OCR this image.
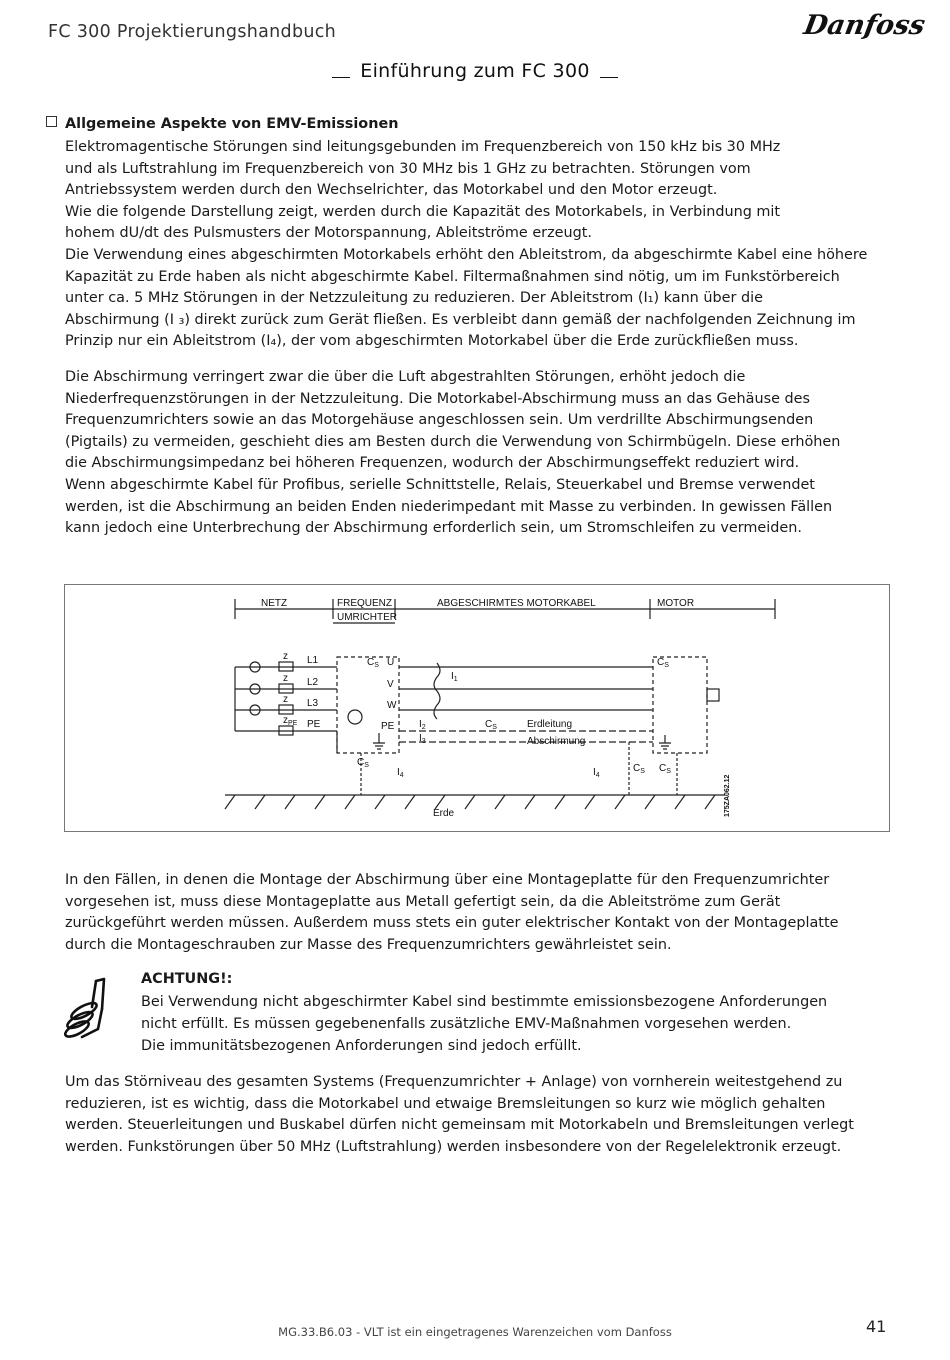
FC 300 Projektierungshandbuch	Danfoss
Einführung zum FC 300
Allgemeine Aspekte von EMV-Emissionen

Elektromagentische Störungen sind leitungsgebunden im Frequenzbereich von 150 kHz bis 30 MHz

und als Luftstrahlung im Frequenzbereich von 30 MHz bis 1 GHz zu betrachten. Störungen vom

Antriebssystem werden durch den Wechselrichter, das Motorkabel und den Motor erzeugt.

Wie die folgende Darstellung zeigt, werden durch die Kapazität des Motorkabels, in Verbindung mit

hohem dU/dt des Pulsmusters der Motorspannung, Ableitströme erzeugt.

Die Verwendung eines abgeschirmten Motorkabels erhöht den Ableitstrom, da abgeschirmte Kabel eine höhere

Kapazität zu Erde haben als nicht abgeschirmte Kabel. Filtermaßnahmen sind nötig, um im Funkstörbereich

unter ca. 5 MHz Störungen in der Netzzuleitung zu reduzieren. Der Ableitstrom (I₁) kann über die

Abschirmung (I ₃) direkt zurück zum Gerät fließen. Es verbleibt dann gemäß der nachfolgenden Zeichnung im

Prinzip nur ein Ableitstrom (I₄), der vom abgeschirmten Motorkabel über die Erde zurückfließen muss.

Die Abschirmung verringert zwar die über die Luft abgestrahlten Störungen, erhöht jedoch die

Niederfrequenzstörungen in der Netzzuleitung. Die Motorkabel-Abschirmung muss an das Gehäuse des

Frequenzumrichters sowie an das Motorgehäuse angeschlossen sein. Um verdrillte Abschirmungsenden

(Pigtails) zu vermeiden, geschieht dies am Besten durch die Verwendung von Schirmbügeln. Diese erhöhen

die Abschirmungsimpedanz bei höheren Frequenzen, wodurch der Abschirmungseffekt reduziert wird.

Wenn abgeschirmte Kabel für Profibus, serielle Schnittstelle, Relais, Steuerkabel und Bremse verwendet

werden, ist die Abschirmung an beiden Enden niederimpedant mit Masse zu verbinden. In gewissen Fällen

kann jedoch eine Unterbrechung der Abschirmung erforderlich sein, um Stromschleifen zu vermeiden.

NETZ	FREQUENZ
UMRICHTER
ABGESCHIRMTES MOTORKABEL	MOTOR
z
z
z
$z_{PE}$
L1
L2
L3
PE
U
V
W
PE
$C_S$	$C_S$
$C_S$
$C_S$	$C_S$ $C_S$
$I_1$
$I_2$
$I_3$
$I_4$	$I_4$
Erdleitung
Abschirmung
Erde	175ZA062.12

In den Fällen, in denen die Montage der Abschirmung über eine Montageplatte für den Frequenzumrichter

vorgesehen ist, muss diese Montageplatte aus Metall gefertigt sein, da die Ableitströme zum Gerät

zurückgeführt werden müssen. Außerdem muss stets ein guter elektrischer Kontakt von der Montageplatte

durch die Montageschrauben zur Masse des Frequenzumrichters gewährleistet sein.

ACHTUNG!:
Bei Verwendung nicht abgeschirmter Kabel sind bestimmte emissionsbezogene Anforderungen
nicht erfüllt. Es müssen gegebenenfalls zusätzliche EMV-Maßnahmen vorgesehen werden.
Die immunitätsbezogenen Anforderungen sind jedoch erfüllt.

Um das Störniveau des gesamten Systems (Frequenzumrichter + Anlage) von vornherein weitestgehend zu

reduzieren, ist es wichtig, dass die Motorkabel und etwaige Bremsleitungen so kurz wie möglich gehalten

werden. Steuerleitungen und Buskabel dürfen nicht gemeinsam mit Motorkabeln und Bremsleitungen verlegt

werden. Funkstörungen über 50 MHz (Luftstrahlung) werden insbesondere von der Regelelektronik erzeugt.

MG.33.B6.03 - VLT ist ein eingetragenes Warenzeichen vom Danfoss	41
